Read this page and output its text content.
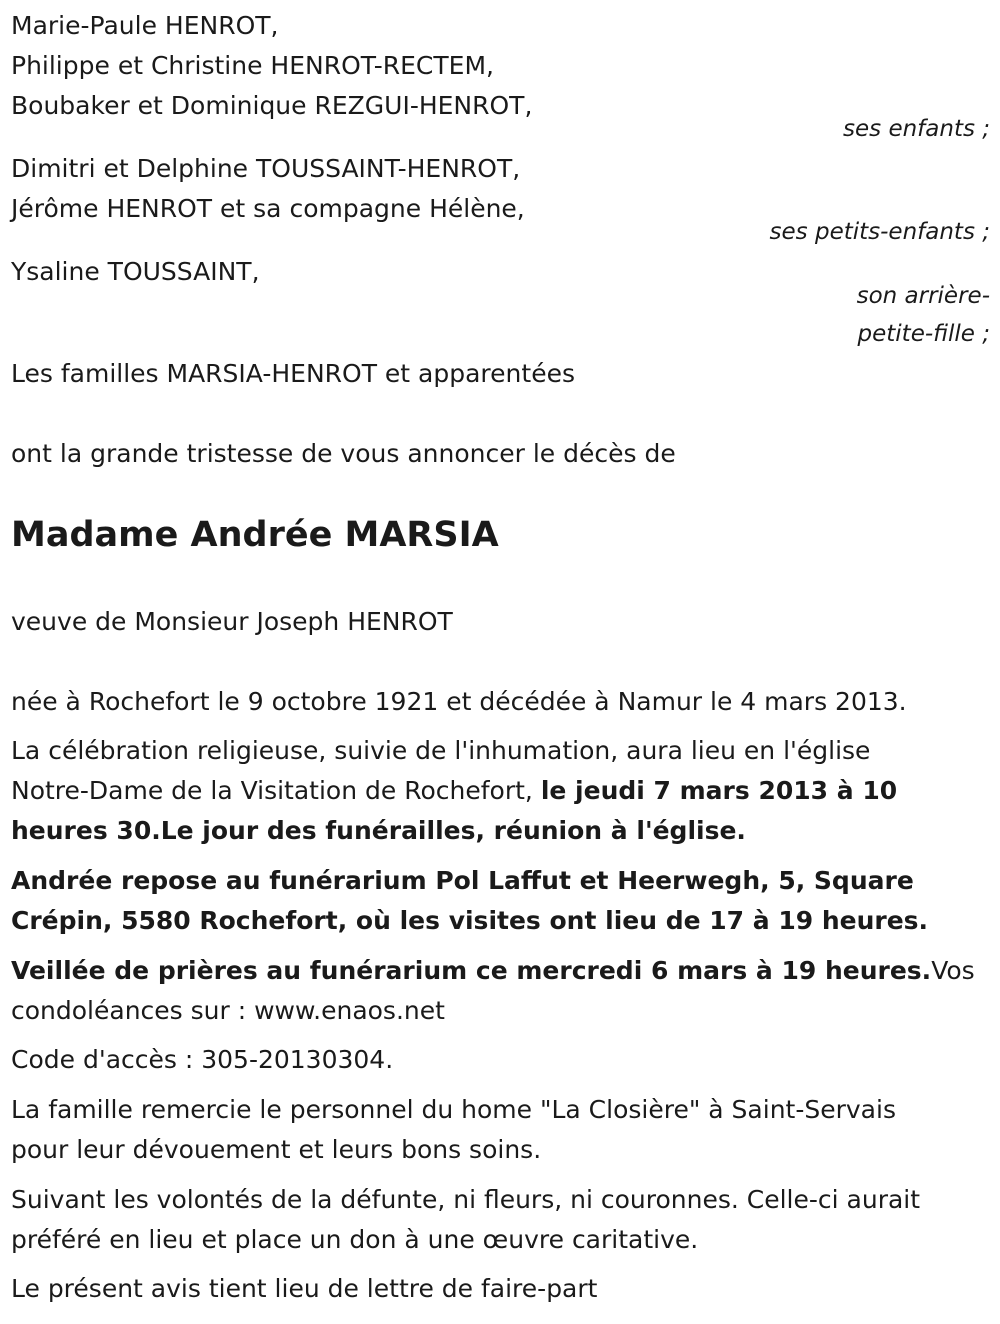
Marie-Paule HENROT,
Philippe et Christine HENROT-RECTEM,
Boubaker et Dominique REZGUI-HENROT,
ses enfants ;
Dimitri et Delphine TOUSSAINT-HENROT,
Jérôme HENROT et sa compagne Hélène,
ses petits-enfants ;
Ysaline TOUSSAINT,
son arrière-
petite-fille ;
Les familles MARSIA-HENROT et apparentées
ont la grande tristesse de vous annoncer le décès de
Madame Andrée MARSIA
veuve de Monsieur Joseph HENROT
née à Rochefort le 9 octobre 1921 et décédée à Namur le 4 mars 2013.
La célébration religieuse, suivie de l'inhumation, aura lieu en l'église
Notre-Dame de la Visitation de Rochefort, le jeudi 7 mars 2013 à 10
heures 30.Le jour des funérailles, réunion à l'église.
Andrée repose au funérarium Pol Laffut et Heerwegh, 5, Square
Crépin, 5580 Rochefort, où les visites ont lieu de 17 à 19 heures.
Veillée de prières au funérarium ce mercredi 6 mars à 19 heures.Vos
condoléances sur : www.enaos.net
Code d'accès : 305-20130304.
La famille remercie le personnel du home "La Closière" à Saint-Servais
pour leur dévouement et leurs bons soins.
Suivant les volontés de la défunte, ni fleurs, ni couronnes. Celle-ci aurait
préféré en lieu et place un don à une œuvre caritative.
Le présent avis tient lieu de lettre de faire-part
